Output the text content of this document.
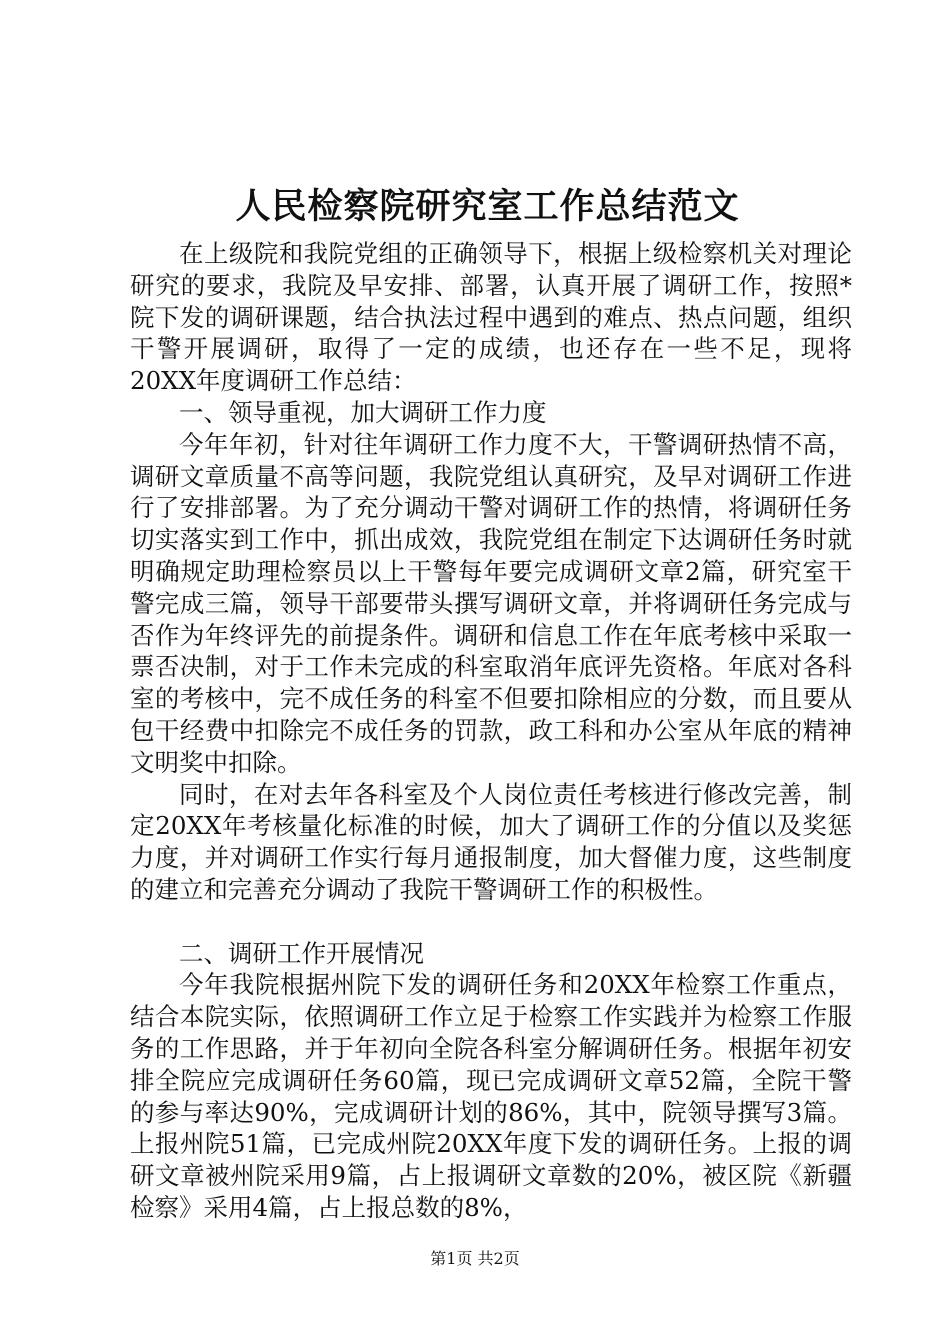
人民检察院研究室工作总结范文

在上级院和我院党组的正确领导下，根据上级检察机关对理论研究的要求，我院及早安排、部署，认真开展了调研工作，按照*院下发的调研课题，结合执法过程中遇到的难点、热点问题，组织干警开展调研，取得了一定的成绩，也还存在一些不足，现将20XX年度调研工作总结：

一、领导重视，加大调研工作力度

今年年初，针对往年调研工作力度不大，干警调研热情不高，调研文章质量不高等问题，我院党组认真研究，及早对调研工作进行了安排部署。为了充分调动干警对调研工作的热情，将调研任务切实落实到工作中，抓出成效，我院党组在制定下达调研任务时就明确规定助理检察员以上干警每年要完成调研文章2篇，研究室干警完成三篇，领导干部要带头撰写调研文章，并将调研任务完成与否作为年终评先的前提条件。调研和信息工作在年底考核中采取一票否决制，对于工作未完成的科室取消年底评先资格。年底对各科室的考核中，完不成任务的科室不但要扣除相应的分数，而且要从包干经费中扣除完不成任务的罚款，政工科和办公室从年底的精神文明奖中扣除。

同时，在对去年各科室及个人岗位责任考核进行修改完善，制定20XX年考核量化标准的时候，加大了调研工作的分值以及奖惩力度，并对调研工作实行每月通报制度，加大督催力度，这些制度的建立和完善充分调动了我院干警调研工作的积极性。

二、调研工作开展情况

今年我院根据州院下发的调研任务和20XX年检察工作重点，结合本院实际，依照调研工作立足于检察工作实践并为检察工作服务的工作思路，并于年初向全院各科室分解调研任务。根据年初安排全院应完成调研任务60篇，现已完成调研文章52篇，全院干警的参与率达90%，完成调研计划的86%，其中，院领导撰写3篇。上报州院51篇，已完成州院20XX年度下发的调研任务。上报的调研文章被州院采用9篇，占上报调研文章数的20%，被区院《新疆检察》采用4篇，占上报总数的8%，

第1页 共2页
